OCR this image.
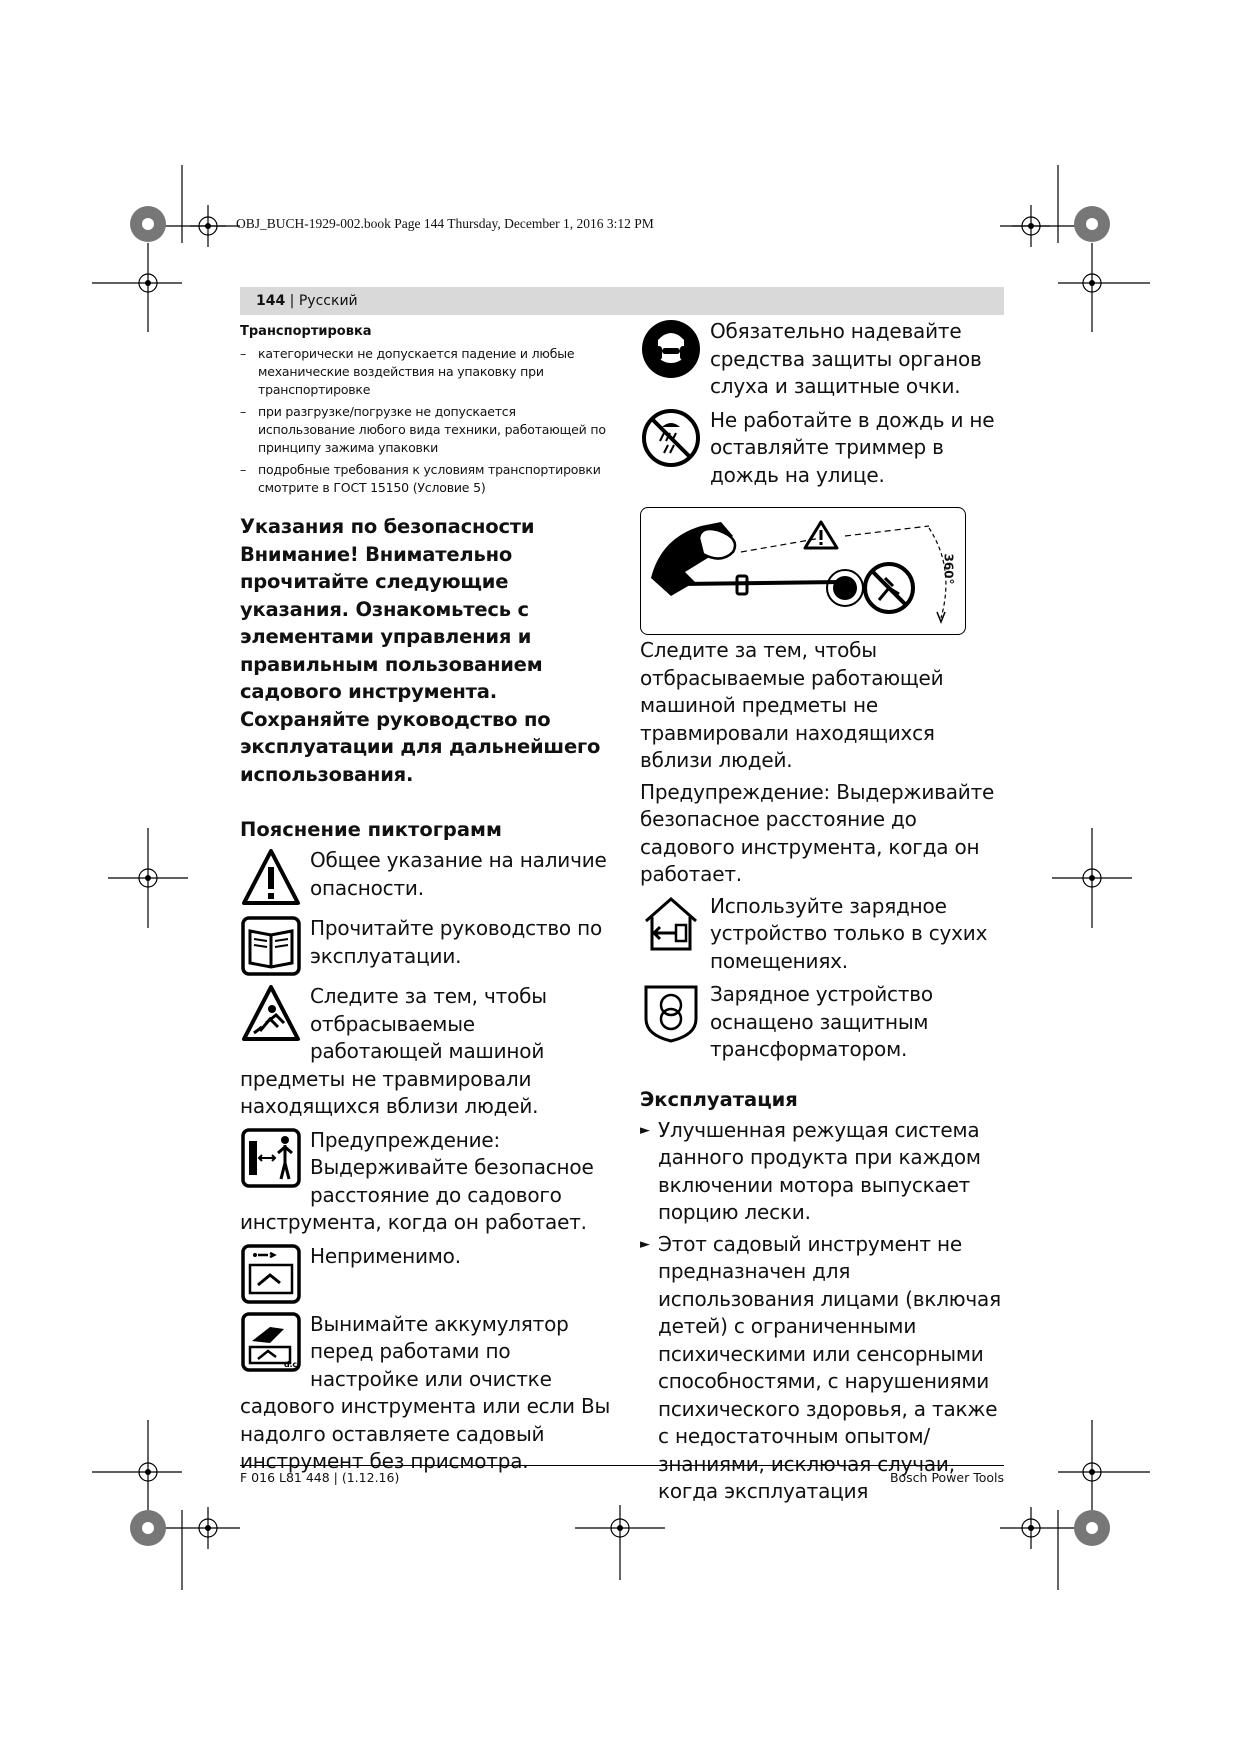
OBJ_BUCH-1929-002.book Page 144 Thursday, December 1, 2016 3:12 PM
144 | Русский
Транспортировка
– категорически не допускается падение и любые механические воздействия на упаковку при транспортировке
– при разгрузке/погрузке не допускается использование любого вида техники, работающей по принципу зажима упаковки
– подробные требования к условиям транспортировки смотрите в ГОСТ 15150 (Условие 5)
Указания по безопасности Внимание! Внимательно прочитайте следующие указания. Ознакомьтесь с элементами управления и правильным пользованием садового инструмента. Сохраняйте руководство по эксплуатации для дальнейшего использования.
Пояснение пиктограмм
Общее указание на наличие опасности.
Прочитайте руководство по эксплуатации.
Следите за тем, чтобы отбрасываемые работающей машиной предметы не травмировали находящихся вблизи людей.
Предупреждение: Выдерживайте безопасное расстояние до садового инструмента, когда он работает.
Неприменимо.
d.c.
Вынимайте аккумулятор перед работами по настройке или очистке садового инструмента или если Вы надолго оставляете садовый инструмент без присмотра.
Обязательно надевайте средства защиты органов слуха и защитные очки.
Не работайте в дождь и не оставляйте триммер в дождь на улице.
360°
Следите за тем, чтобы отбрасываемые работающей машиной предметы не травмировали находящихся вблизи людей.
Предупреждение: Выдерживайте безопасное расстояние до садового инструмента, когда он работает.
Используйте зарядное устройство только в сухих помещениях.
Зарядное устройство оснащено защитным трансформатором.
Эксплуатация
► Улучшенная режущая система данного продукта при каждом включении мотора выпускает порцию лески.
► Этот садовый инструмент не предназначен для использования лицами (включая детей) с ограниченными психическими или сенсорными способностями, с нарушениями психического здоровья, а также с недостаточным опытом/знаниями, исключая случаи, когда эксплуатация
F 016 L81 448 | (1.12.16)	Bosch Power Tools
